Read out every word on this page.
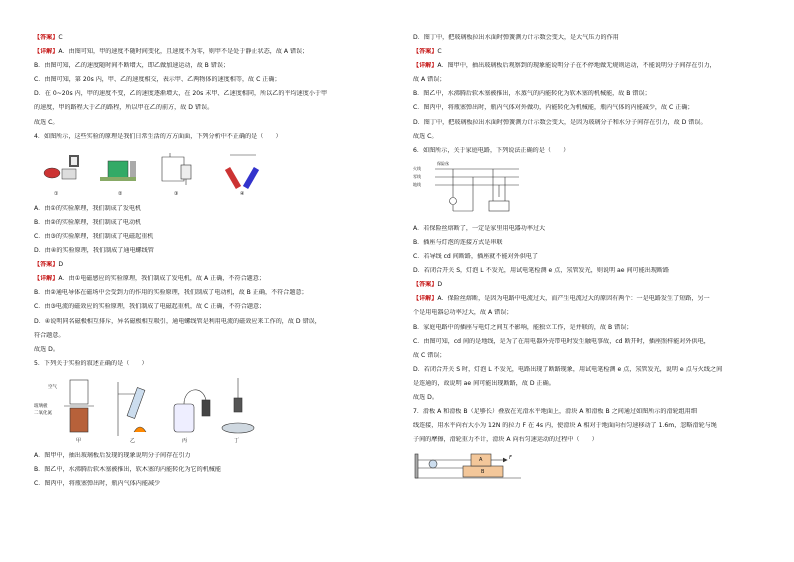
【答案】C
【详解】A．由图可知，甲的速度不随时间变化，且速度不为零，则甲不是处于静止状态，故 A 错误；
B．由图可知，乙的速度随时间不断增大，即乙做加速运动，故 B 错误；
C．由图可知，第 20s 内，甲、乙的速度相交，表示甲、乙两物体的速度相等，故 C 正确；
D．在 0~20s 内，甲的速度不变，乙的速度逐渐增大，在 20s 末甲、乙速度相同，所以乙的平均速度小于甲
的速度，甲的路程大于乙的路程，所以甲在乙的前方，故 D 错误。
故选 C。
4．如图所示，这些实验的原理是我们日常生活的方方面面，下列分析中不正确的是（　　）
①	②	③	④
A．由①的实验原理，我们制成了发电机
B．由②的实验原理，我们制成了电动机
C．由③的实验原理，我们制成了电磁起重机
D．由④的实验原理，我们制成了通电螺线管
【答案】D
【详解】A．由①电磁感应的实验原理，我们制成了发电机，故 A 正确，不符合题意；
B．由②通电导体在磁场中会受到力的作用的实验原理，我们制成了电动机，故 B 正确，不符合题意；
C．由③电流的磁效应的实验原理，我们制成了电磁起重机，故 C 正确，不符合题意；
D．④说明同名磁极相互排斥，异名磁极相互吸引，通电螺线管是利用电流的磁效应来工作的，故 D 错误，
符合题意。
故选 D。
5．下列关于实验的叙述正确的是（　　）
空气
玻璃板
二氧化氮
甲	乙	丙	丁
A．图甲中，抽出玻璃板后发现的现象说明分子间存在引力
B．图乙中，水沸腾后软木塞被推出，软木塞的内能转化为它的机械能
C．图丙中，将瓶塞弹出时，瓶内气体内能减少
D．图丁中，把玻璃板拉出水面时弹簧测力计示数会变大，是大气压力的作用
【答案】C
【详解】A．图甲中，抽出玻璃板后观察到的现象能说明分子在不停地做无规则运动，不能说明分子间存在引力，
故 A 错误；
B．图乙中，水沸腾后软木塞被推出，水蒸气的内能转化为软木塞的机械能，故 B 错误；
C．图丙中，将瓶塞弹出时，瓶内气体对外做功，内能转化为机械能，瓶内气体的内能减少，故 C 正确；
D．图丁中，把玻璃板拉出水面时弹簧测力计示数会变大，是因为玻璃分子和水分子间存在引力，故 D 错误。
故选 C。
6．如图所示，关于家庭电路，下列说法正确的是（　　）
保险丝
火线
零线
地线
A．若保险丝熔断了，一定是家里用电器功率过大
B．插座与灯泡的连接方式是串联
C．若导线 cd 间断路，插座就不能对外供电了
D．若闭合开关 S，灯泡 L 不发光，用试电笔检测 e 点，氖管发光，则说明 ae 间可能出现断路
【答案】D
【详解】A．保险丝熔断，是因为电路中电流过大，而产生电流过大的原因有两个：一是电路发生了短路，另一
个是用电器总功率过大，故 A 错误；
B．家庭电路中的插座与电灯之间互不影响，能独立工作，是并联的，故 B 错误；
C．由图可知，cd 间的是地线，是为了在用电器外壳带电时发生触电事故，cd 断开时，插座照样能对外供电，
故 C 错误；
D．若闭合开关 S 时，灯泡 L 不发光，电路出现了断路现象，用试电笔检测 e 点，氖管发光，说明 e 点与火线之间
是连通的，故说明 ae 间可能出现断路，故 D 正确。
故选 D。
7．滑板 A 和滑板 B（足够长）叠放在光滑水平地面上，滑块 A 和滑板 B 之间通过如图所示的滑轮组用细
线连接，用水平向右大小为 12N 的拉力 F 在 4s 内，使滑块 A 相对于地面向右匀速移动了 1.6m，忽略滑轮与绳
子间的摩擦，滑轮重力不计，滑块 A 向右匀速运动的过程中（　　）
A
B
F
